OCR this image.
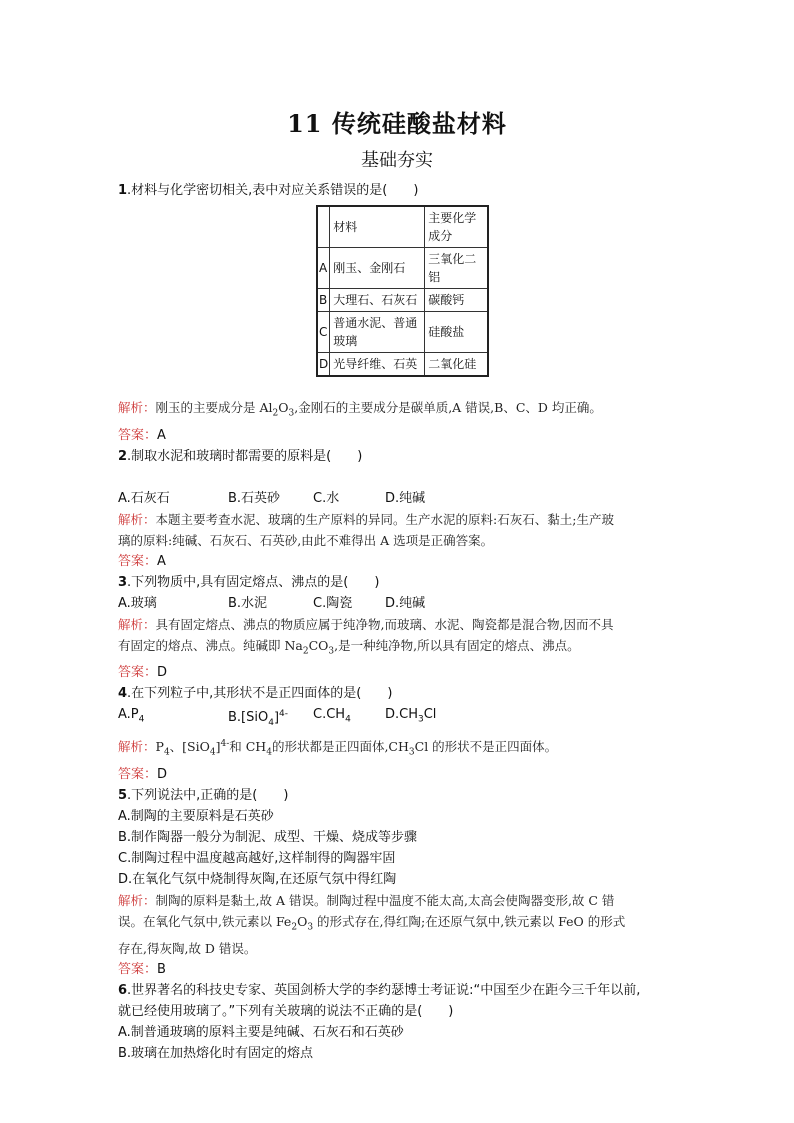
11 传统硅酸盐材料
基础夯实
1.材料与化学密切相关,表中对应关系错误的是(　　)
	材料	主要化学成分
A	刚玉、金刚石	三氧化二铝
B	大理石、石灰石	碳酸钙
C	普通水泥、普通玻璃	硅酸盐
D	光导纤维、石英	二氧化硅
解析：刚玉的主要成分是 $Al_2O_3$,金刚石的主要成分是碳单质,A 错误,B、C、D 均正确。
答案：A
2.制取水泥和玻璃时都需要的原料是(　　)
A.石灰石	B.石英砂	C.水	D.纯碱
解析：本题主要考查水泥、玻璃的生产原料的异同。生产水泥的原料:石灰石、黏土;生产玻
璃的原料:纯碱、石灰石、石英砂,由此不难得出 A 选项是正确答案。
答案：A
3.下列物质中,具有固定熔点、沸点的是(　　)
A.玻璃	B.水泥	C.陶瓷	D.纯碱
解析：具有固定熔点、沸点的物质应属于纯净物,而玻璃、水泥、陶瓷都是混合物,因而不具
有固定的熔点、沸点。纯碱即 $Na_2CO_3$,是一种纯净物,所以具有固定的熔点、沸点。
答案：D
4.在下列粒子中,其形状不是正四面体的是(　　)
$A.P_4$	$B.[SiO_4]^{4-}$	$C.CH_4$	$D.CH_3Cl$
解析：$P_4$、$[SiO_4]^{4-}$和 $CH_4$的形状都是正四面体$,CH_3Cl$ 的形状不是正四面体。
答案：D
5.下列说法中,正确的是(　　)
A.制陶的主要原料是石英砂
B.制作陶器一般分为制泥、成型、干燥、烧成等步骤
C.制陶过程中温度越高越好,这样制得的陶器牢固
D.在氧化气氛中烧制得灰陶,在还原气氛中得红陶
解析：制陶的原料是黏土,故 A 错误。制陶过程中温度不能太高,太高会使陶器变形,故 C 错
误。在氧化气氛中,铁元素以 $Fe_2O_3$ 的形式存在,得红陶;在还原气氛中,铁元素以 FeO 的形式
存在,得灰陶,故 D 错误。
答案：B
6.世界著名的科技史专家、英国剑桥大学的李约瑟博士考证说:“中国至少在距今三千年以前,
就已经使用玻璃了。”下列有关玻璃的说法不正确的是(　　)
A.制普通玻璃的原料主要是纯碱、石灰石和石英砂
B.玻璃在加热熔化时有固定的熔点
